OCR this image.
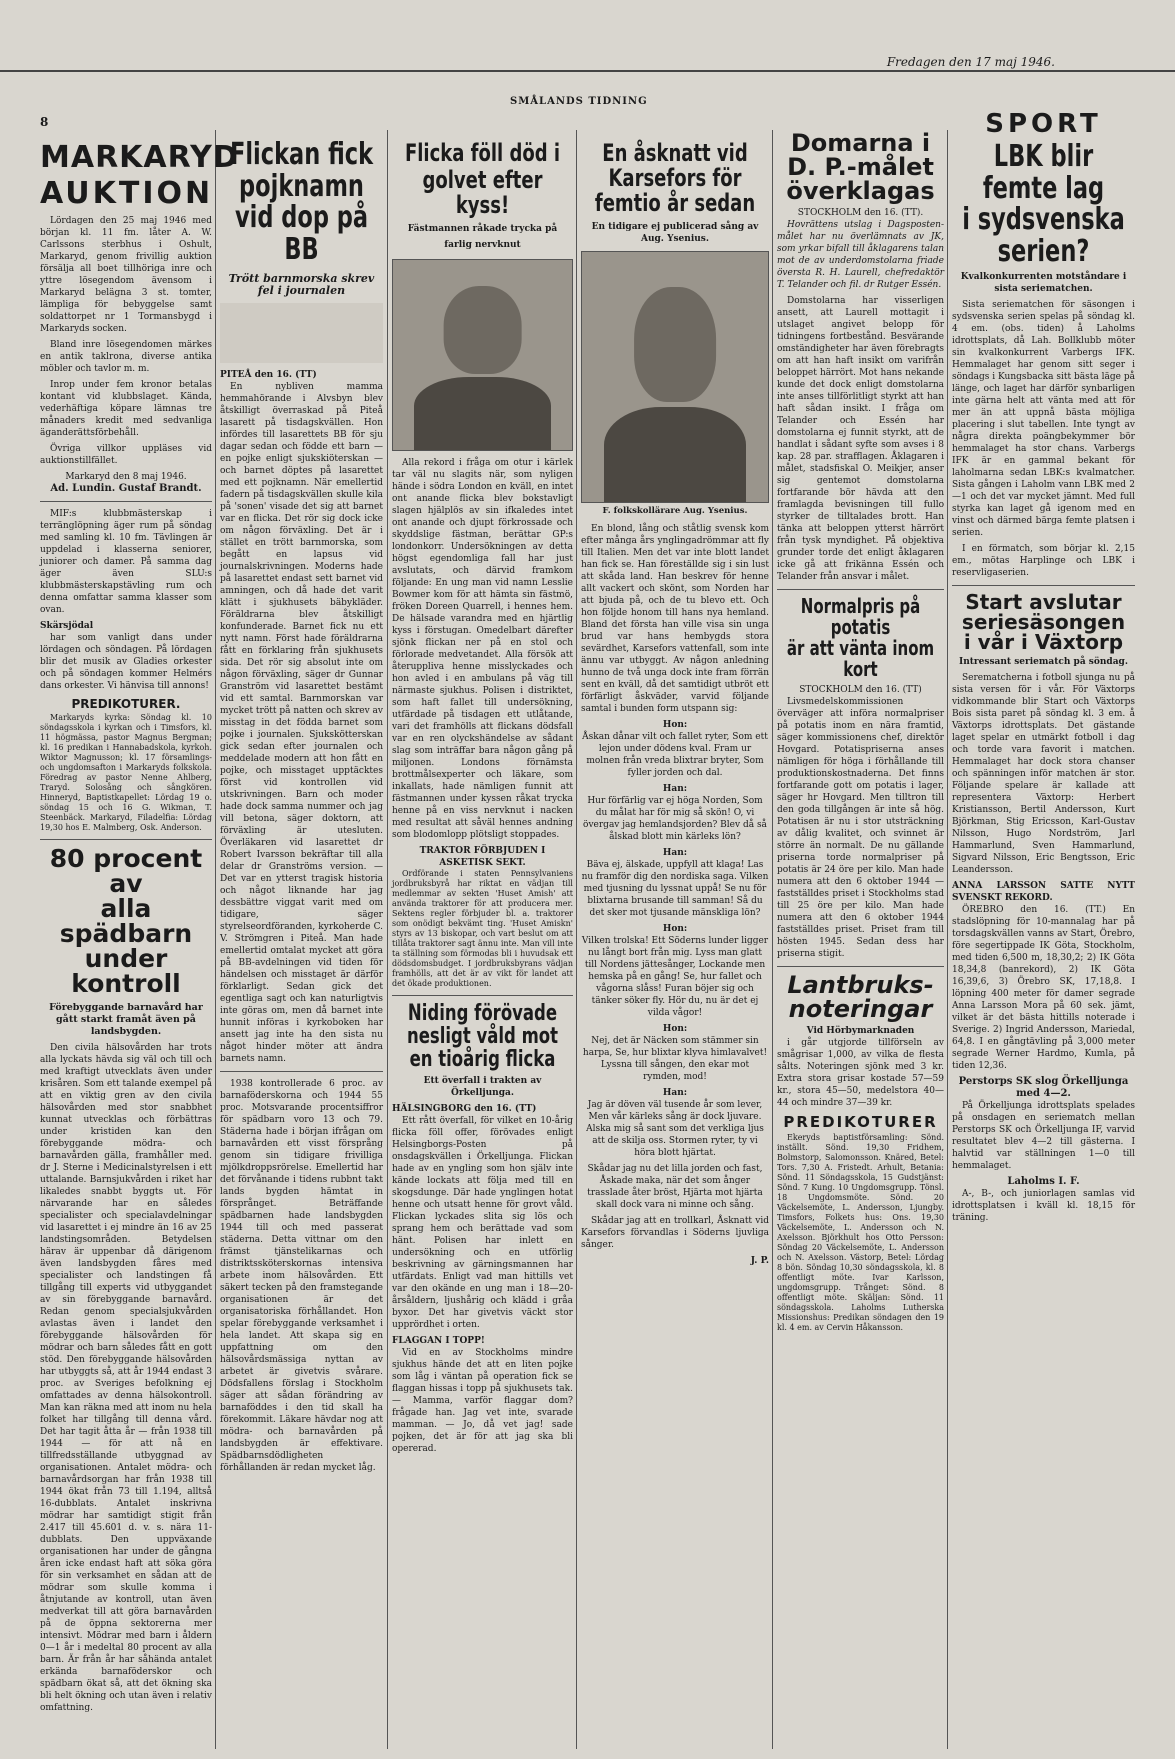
Fredagen den 17 maj 1946.
SMÅLANDS TIDNING
8
MARKARYD
AUKTION

Lördagen den 25 maj 1946 med början kl. 11 fm. låter A. W. Carlssons sterbhus i Oshult, Markaryd, genom frivillig auktion försälja all boet tillhöriga inre och yttre lösegendom ävensom i Markaryd belägna 3 st. tomter, lämpliga för bebyggelse samt soldattorpet nr 1 Tormansbygd i Markaryds socken.

Bland inre lösegendomen märkes en antik taklrona, diverse antika möbler och tavlor m. m.

Inrop under fem kronor betalas kontant vid klubbslaget. Kända, vederhäftiga köpare lämnas tre månaders kredit med sedvanliga äganderättsförbehåll.

Övriga villkor uppläses vid auktionstillfället.

Markaryd den 8 maj 1946.
Ad. Lundin. Gustaf Brandt.

MIF:s klubbmästerskap i terränglöpning äger rum på söndag med samling kl. 10 fm. Tävlingen är uppdelad i klasserna seniorer, juniorer och damer. På samma dag äger även SLU:s klubbmästerskapstävling rum och denna omfattar samma klasser som ovan.

Skärsjödal

har som vanligt dans under lördagen och söndagen. På lördagen blir det musik av Gladies orkester och på söndagen kommer Helmérs dans orkester. Vi hänvisa till annons!

PREDIKOTURER.

Markaryds kyrka: Söndag kl. 10 söndagsskola i kyrkan och i Timsfors, kl. 11 högmässa, pastor Magnus Bergman; kl. 16 predikan i Hannabadskola, kyrkoh. Wiktor Magnusson; kl. 17 församlings- och ungdomsafton i Markaryds folkskola. Föredrag av pastor Nenne Ahlberg, Traryd. Solosång och sångkören. Hinneryd, Baptistkapellet: Lördag 19 o. söndag 15 och 16 G. Wikman, T. Steenbäck. Markaryd, Filadelfia: Lördag 19,30 hos E. Malmberg, Osk. Anderson.

80 procent av
alla spädbarn
under kontroll
Förebyggande barnavård har gått starkt framåt även på landsbygden.

Den civila hälsovården har trots alla lyckats hävda sig väl och till och med kraftigt utvecklats även under krisåren. Som ett talande exempel på att en viktig gren av den civila hälsovården med stor snabbhet kunnat utvecklas och förbättras under kristiden kan den förebyggande mödra- och barnavården gälla, framhåller med. dr J. Sterne i Medicinalstyrelsen i ett uttalande. Barnsjukvården i riket har likaledes snabbt byggts ut. För närvarande har en således specialister och specialavdelningar vid lasarettet i ej mindre än 16 av 25 landstingsområden. Betydelsen härav är uppenbar då därigenom även landsbygden fåres med specialister och landstingen få tillgång till experts vid utbyggandet av sin förebyggande barnavård. Redan genom specialsjukvården avlastas även i landet den förebyggande hälsovården för mödrar och barn således fått en gott stöd. Den förebyggande hälsovården har utbyggts så, att år 1944 endast 3 proc. av Sveriges befolkning ej omfattades av denna hälsokontroll. Man kan räkna med att inom nu hela folket har tillgång till denna vård. Det har tagit åtta år — från 1938 till 1944 — för att nå en tillfredsställande utbyggnad av organisationen. Antalet mödra- och barnavårdsorgan har från 1938 till 1944 ökat från 73 till 1.194, alltså 16-dubblats. Antalet inskrivna mödrar har samtidigt stigit från 2.417 till 45.601 d. v. s. nära 11-dubblats. Den uppväxande organisationen har under de gångna åren icke endast haft att söka göra för sin verksamhet en sådan att de mödrar som skulle komma i åtnjutande av kontroll, utan även medverkat till att göra barnavården på de öppna sektorerna mer intensivt. Mödrar med barn i åldern 0—1 år i medeltal 80 procent av alla barn. Är från år har såhända antalet erkända barnaföderskor och spädbarn ökat så, att det ökning ska bli helt ökning och utan även i relativ omfattning.

Flickan fick pojknamn vid dop på BB
Trött barnmorska skrev fel i journalen
PITEÅ den 16. (TT)

En nybliven mamma hemmahörande i Alvsbyn blev åtskilligt överraskad på Piteå lasarett på tisdagskvällen. Hon infördes till lasarettets BB för sju dagar sedan och födde ett barn — en pojke enligt sjukskiöterskan — och barnet döptes på lasarettet med ett pojknamn. När emellertid fadern på tisdagskvällen skulle kila på 'sonen' visade det sig att barnet var en flicka. Det rör sig dock icke om någon förväxling. Det är i stället en trött barnmorska, som begått en lapsus vid journalskrivningen. Moderns hade på lasarettet endast sett barnet vid amningen, och då hade det varit klätt i sjukhusets bäbykläder. Föräldrarna blev åtskilligt konfunderade. Barnet fick nu ett nytt namn. Först hade föräldrarna fått en förklaring från sjukhusets sida. Det rör sig absolut inte om någon förväxling, säger dr Gunnar Granström vid lasarettet bestämt vid ett samtal. Barnmorskan var mycket trött på natten och skrev av misstag in det födda barnet som pojke i journalen. Sjukskötterskan gick sedan efter journalen och meddelade modern att hon fått en pojke, och misstaget upptäcktes först vid kontrollen vid utskrivningen. Barn och moder hade dock samma nummer och jag vill betona, säger doktorn, att förväxling är utesluten. Överläkaren vid lasarettet dr Robert Ivarsson bekräftar till alla delar dr Granströms version. — Det var en ytterst tragisk historia och något liknande har jag dessbättre viggat varit med om tidigare, säger styrelseordföranden, kyrkoherde C. V. Strömgren i Piteå. Man hade emellertid omtalat mycket att göra på BB-avdelningen vid tiden för händelsen och misstaget är därför förklarligt. Sedan gick det egentliga sagt och kan naturligtvis inte göras om, men då barnet inte hunnit införas i kyrkoboken har ansett jag inte ha den sista nu något hinder möter att ändra barnets namn.

1938 kontrollerade 6 proc. av barnaföderskorna och 1944 55 proc. Motsvarande procentsiffror för spädbarn voro 13 och 79. Städerna hade i början ifrågan om barnavården ett visst försprång genom sin tidigare frivilliga mjölkdroppsrörelse. Emellertid har det förvånande i tidens rubbnt takt lands bygden hämtat in försprånget. Beträffande spädbarnen hade landsbygden 1944 till och med passerat städerna. Detta vittnar om den främst tjänstelikarnas och distriktssköterskornas intensiva arbete inom hälsovården. Ett säkert tecken på den framstegande organisationen är det organisatoriska förhållandet. Hon spelar förebyggande verksamhet i hela landet. Att skapa sig en uppfattning om den hälsovårdsmässiga nyttan av arbetet är givetvis svårare. Dödsfallens förslag i Stockholm säger att sådan förändring av barnaföddes i den tid skall ha förekommit. Läkare hävdar nog att mödra- och barnavården på landsbygden är effektivare. Spädbarnsdödligheten förhållanden är redan mycket låg.

Flicka föll död i
golvet efter kyss!
Fästmannen råkade trycka på
farlig nervknut

Alla rekord i fråga om otur i kärlek tar väl nu slagits när, som nyligen hände i södra London en kväll, en intet ont anande flicka blev bokstavligt slagen hjälplös av sin ifkaledes intet ont anande och djupt förkrossade och skyddslige fästman, berättar GP:s londonkorr. Undersökningen av detta högst egendomliga fall har just avslutats, och därvid framkom följande: En ung man vid namn Lesslie Bowmer kom för att hämta sin fästmö, fröken Doreen Quarrell, i hennes hem. De hälsade varandra med en hjärtlig kyss i förstugan. Omedelbart därefter sjönk flickan ner på en stol och förlorade medvetandet. Alla försök att återuppliva henne misslyckades och hon avled i en ambulans på väg till närmaste sjukhus. Polisen i distriktet, som haft fallet till undersökning, utfärdade på tisdagen ett utlåtande, vari det framhölls att flickans dödsfall var en ren olyckshändelse av sådant slag som inträffar bara någon gång på miljonen. Londons förnämsta brottmålsexperter och läkare, som inkallats, hade nämligen funnit att fästmannen under kyssen råkat trycka henne på en viss nervknut i nacken med resultat att såväl hennes andning som blodomlopp plötsligt stoppades.

TRAKTOR FÖRBJUDEN I ASKETISK SEKT.

Ordförande i staten Pennsylvaniens jordbruksbyrå har riktat en vädjan till medlemmar av sekten 'Huset Amish' att använda traktorer för att producera mer. Sektens regler förbjuder bl. a. traktorer som onödigt bekvämt ting. 'Huset Amiskn' styrs av 13 biskopar, och vart beslut om att tillåta traktorer sagt ännu inte. Man vill inte ta ställning som förmodas bli i huvudsak ett dödsdomsbudget. I jordbruksbyrans vädjan framhölls, att det är av vikt för landet att det ökade produktionen.

Niding förövade
nesligt våld mot
en tioårig flicka
Ett överfall i trakten av Örkelljunga.
HÄLSINGBORG den 16. (TT)

Ett rått överfall, för vilket en 10-årig flicka föll offer, förövades enligt Helsingborgs-Posten på onsdagskvällen i Örkelljunga. Flickan hade av en yngling som hon själv inte kände lockats att följa med till en skogsdunge. Där hade ynglingen hotat henne och utsatt henne för grovt våld. Flickan lyckades slita sig lös och sprang hem och berättade vad som hänt. Polisen har inlett en undersökning och en utförlig beskrivning av gärningsmannen har utfärdats. Enligt vad man hittills vet var den okände en ung man i 18—20-årsåldern, ljushårig och klädd i gråa byxor. Det har givetvis väckt stor upprördhet i orten.

FLAGGAN I TOPP!

Vid en av Stockholms mindre sjukhus hände det att en liten pojke som låg i väntan på operation fick se flaggan hissas i topp på sjukhusets tak. — Mamma, varför flaggar dom? frågade han. Jag vet inte, svarade mamman. — Jo, då vet jag! sade pojken, det är för att jag ska bli opererad.

En åsknatt vid
Karsefors för
femtio år sedan
En tidigare ej publicerad sång av Aug. Ysenius.
F. folkskollärare Aug. Ysenius.

En blond, lång och ståtlig svensk kom efter många års ynglingadrömmar att fly till Italien. Men det var inte blott landet han fick se. Han föreställde sig i sin lust att skåda land. Han beskrev för henne allt vackert och skönt, som Norden har att bjuda på, och de tu blevo ett. Och hon följde honom till hans nya hemland. Bland det första han ville visa sin unga brud var hans hembygds stora sevärdhet, Karsefors vattenfall, som inte ännu var utbyggt. Av någon anledning hunno de två unga dock inte fram förrän sent en kväll, då det samtidigt utbröt ett förfärligt åskväder, varvid följande samtal i bunden form utspann sig:

Hon:

Åskan dånar vilt och fallet ryter, Som ett lejon under dödens kval. Fram ur molnen från vreda blixtrar bryter, Som fyller jorden och dal.

Han:

Hur förfärlig var ej höga Norden, Som du målat har för mig så skön! O, vi övergav jag hemlandsjorden? Blev då så ålskad blott min kärleks lön?

Han:

Bäva ej, älskade, uppfyll att klaga! Las nu framför dig den nordiska saga. Vilken med tjusning du lyssnat uppå! Se nu för blixtarna brusande till samman! Så du det sker mot tjusande mänskliga lön?

Hon:

Vilken trolska! Ett Söderns lunder ligger nu långt bort från mig. Lyss man glatt till Nordens jättesånger, Lockande men hemska på en gång! Se, hur fallet och vågorna slåss! Furan böjer sig och tänker söker fly. Hör du, nu är det ej vilda vågor!

Hon:

Nej, det är Näcken som stämmer sin harpa, Se, hur blixtar klyva himlavalvet! Lyssna till sången, den ekar mot rymden, mod!

Han:

Jag är döven väl tusende år som lever, Men vår kärleks sång är dock ljuvare. Alska mig så sant som det verkliga ljus att de skilja oss. Stormen ryter, ty vi höra blott hjärtat.

Skådar jag nu det lilla jorden och fast, Åskade maka, när det som ånger trasslade åter bröst, Hjärta mot hjärta skall dock vara ni minne och sång.

Skådar jag att en trollkarl, Åsknatt vid Karsefors förvandlas i Söderns ljuvliga sånger.

J. P.
Domarna i
D. P.-målet
överklagas
STOCKHOLM den 16. (TT).

Hovrättens utslag i Dagsposten-målet har nu överlämnats av JK, som yrkar bifall till åklagarens talan mot de av underdomstolarna friade översta R. H. Laurell, chefredaktör T. Telander och fil. dr Rutger Essén.

Domstolarna har visserligen ansett, att Laurell mottagit i utslaget angivet belopp för tidningens fortbestånd. Besvärande omständigheter har även förebragts om att han haft insikt om varifrån beloppet härrört. Mot hans nekande kunde det dock enligt domstolarna inte anses tillförlitligt styrkt att han haft sådan insikt. I fråga om Telander och Essén har domstolarna ej funnit styrkt, att de handlat i sådant syfte som avses i 8 kap. 28 par. strafflagen. Åklagaren i målet, stadsfiskal O. Meikjer, anser sig gentemot domstolarna fortfarande bör hävda att den framlagda bevisningen till fullo styrker de tilltalades brott. Han tänka att beloppen ytterst härrört från tysk myndighet. På objektiva grunder torde det enligt åklagaren icke gå att frikänna Essén och Telander från ansvar i målet.

Normalpris på potatis
är att vänta inom kort
STOCKHOLM den 16. (TT)

Livsmedelskommissionen överväger att införa normalpriser på potatis inom en nära framtid, säger kommissionens chef, direktör Hovgard. Potatispriserna anses nämligen för höga i förhållande till produktionskostnaderna. Det finns fortfarande gott om potatis i lager, säger hr Hovgard. Men tilltron till den goda tillgången är inte så hög. Potatisen är nu i stor utsträckning av dålig kvalitet, och svinnet är större än normalt. De nu gällande priserna torde normalpriser på potatis är 24 öre per kilo. Man hade numera att den 6 oktober 1944 — fastställdes priset i Stockholms stad till 25 öre per kilo. Man hade numera att den 6 oktober 1944 fastställdes priset. Priset fram till hösten 1945. Sedan dess har priserna stigit.

Lantbruks-
noteringar
Vid Hörbymarknaden

i går utgjorde tillförseln av smågrisar 1,000, av vilka de flesta sålts. Noteringen sjönk med 3 kr. Extra stora grisar kostade 57—59 kr., stora 45—50, medelstora 40—44 och mindre 37—39 kr.

PREDIKOTURER

Ekeryds baptistförsamling: Sönd. inställt. Sönd. 19,30 Fridhem, Bolmstorp, Salomonsson. Knäred, Betel: Tors. 7,30 A. Fristedt. Arhult, Betania: Sönd. 11 Söndagsskola, 15 Gudstjänst: Sönd. 7 Kung. 10 Ungdomsgrupp. Tönsl. 18 Ungdomsmöte. Sönd. 20 Väckelsemöte, L. Andersson, Ljungby. Timsfors, Folkets hus: Ons. 19,30 Väckelsemöte, L. Andersson och N. Axelsson. Björkhult hos Otto Persson: Söndag 20 Väckelsemöte, L. Andersson och N. Axelsson. Västorp, Betel: Lördag 8 bön. Söndag 10,30 söndagsskola, kl. 8 offentligt möte. Ivar Karlsson, ungdomsgrupp. Trånget: Sönd. 8 offentligt möte. Skäljan: Sönd. 11 söndagsskola. Laholms Lutherska Missionshus: Predikan söndagen den 19 kl. 4 em. av Cervin Håkansson.

SPORT
LBK blir femte lag
i sydsvenska serien?
Kvalkonkurrenten motståndare i sista seriematchen.

Sista seriematchen för säsongen i sydsvenska serien spelas på söndag kl. 4 em. (obs. tiden) å Laholms idrottsplats, då Lah. Bollklubb möter sin kvalkonkurrent Varbergs IFK. Hemmalaget har genom sitt seger i söndags i Kungsbacka sitt bästa läge på länge, och laget har därför synbarligen inte gärna helt att vänta med att för mer än att uppnå bästa möjliga placering i slut tabellen. Inte tyngt av några direkta poängbekymmer bör hemmalaget ha stor chans. Varbergs IFK är en gammal bekant för laholmarna sedan LBK:s kvalmatcher. Sista gången i Laholm vann LBK med 2—1 och det var mycket jämnt. Med full styrka kan laget gå igenom med en vinst och därmed bärga femte platsen i serien.

I en förmatch, som börjar kl. 2,15 em., mötas Harplinge och LBK i reservligaserien.

Start avslutar
seriesäsongen
i vår i Växtorp
Intressant seriematch på söndag.

Serematcherna i fotboll sjunga nu på sista versen för i vår. För Växtorps vidkommande blir Start och Växtorps Bois sista paret på söndag kl. 3 em. å Växtorps idrottsplats. Det gästande laget spelar en utmärkt fotboll i dag och torde vara favorit i matchen. Hemmalaget har dock stora chanser och spänningen inför matchen är stor. Följande spelare är kallade att representera Växtorp: Herbert Kristiansson, Bertil Andersson, Kurt Björkman, Stig Ericsson, Karl-Gustav Nilsson, Hugo Nordström, Jarl Hammarlund, Sven Hammarlund, Sigvard Nilsson, Eric Bengtsson, Eric Leandersson.

ANNA LARSSON SATTE NYTT SVENSKT REKORD.

ÖREBRO den 16. (TT.) En stadslöpning för 10-mannalag har på torsdagskvällen vanns av Start, Örebro, före segertippade IK Göta, Stockholm, med tiden 6,500 m, 18,30,2; 2) IK Göta 18,34,8 (banrekord), 2) IK Göta 16,39,6, 3) Örebro SK, 17,18,8. I löpning 400 meter för damer segrade Anna Larsson Mora på 60 sek. jämt, vilket är det bästa hittills noterade i Sverige. 2) Ingrid Andersson, Mariedal, 64,8. I en gångtävling på 3,000 meter segrade Werner Hardmo, Kumla, på tiden 12,36.

Perstorps SK slog Örkelljunga med 4—2.

På Örkelljunga idrottsplats spelades på onsdagen en seriematch mellan Perstorps SK och Örkelljunga IF, varvid resultatet blev 4—2 till gästerna. I halvtid var ställningen 1—0 till hemmalaget.

Laholms I. F.

A-, B-, och juniorlagen samlas vid idrottsplatsen i kväll kl. 18,15 för träning.
